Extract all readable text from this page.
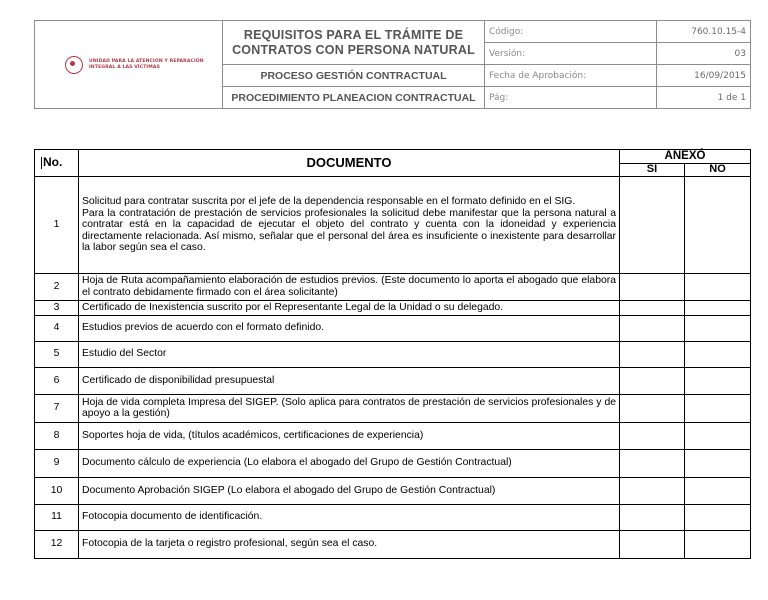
UNIDAD PARA LA ATENCIÓN Y REPARACIÓN INTEGRAL A LAS VÍCTIMAS	REQUISITOS PARA EL TRÁMITE DE CONTRATOS CON PERSONA NATURAL	Código:	760.10.15-4
		Versión:	03
	PROCESO GESTIÓN CONTRACTUAL	Fecha de Aprobación:	16/09/2015
	PROCEDIMIENTO PLANEACION CONTRACTUAL	Pág:	1 de 1
No.	DOCUMENTO	ANEXÓ	
		SI	NO
1	Solicitud para contratar suscrita por el jefe de la dependencia responsable en el formato definido en el SIG.

Para la contratación de prestación de servicios profesionales la solicitud debe manifestar que la persona natural a contratar está en la capacidad de ejecutar el objeto del contrato y cuenta con la idoneidad y experiencia directamente relacionada. Así mismo, señalar que el personal del área es insuficiente o inexistente para desarrollar la labor según sea el caso.		

2	Hoja de Ruta acompañamiento elaboración de estudios previos. (Este documento lo aporta el abogado que elabora el contrato debidamente firmado con el área solicitante)		

3	Certificado de Inexistencia suscrito por el Representante Legal de la Unidad o su delegado.		
4	Estudios previos de acuerdo con el formato definido.		
5	Estudio del Sector		
6	Certificado de disponibilidad presupuestal		
7	Hoja de vida completa Impresa del SIGEP. (Solo aplica para contratos de prestación de servicios profesionales y de apoyo a la gestión)		

8	Soportes hoja de vida, (títulos académicos, certificaciones de experiencia)		
9	Documento cálculo de experiencia (Lo elabora el abogado del Grupo de Gestión Contractual)		
10	Documento Aprobación SIGEP (Lo elabora el abogado del Grupo de Gestión Contractual)		
11	Fotocopia documento de identificación.		
12	Fotocopia de la tarjeta o registro profesional, según sea el caso.		
